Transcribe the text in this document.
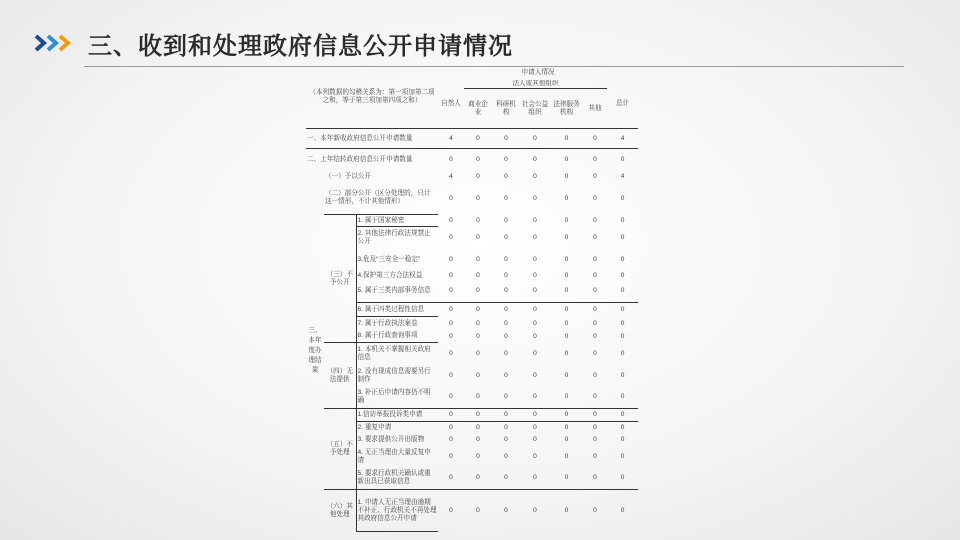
三、收到和处理政府信息公开申请情况
（本列数据的勾稽关系为：第一项加第二项之和，等于第三项加第四项之和）			申请人情况						
			自然人	法人或其他组织					总计
				商业企业	科研机构	社会公益组织	法律服务机构	其他	
一、本年新收政府信息公开申请数量			4	0	0	0	0	0	4
二、上年结转政府信息公开申请数量			0	0	0	0	0	0	0
三、本年度办理结果	（一）予以公开		4	0	0	0	0	0	4
	（二）部分公开（区分处理的，只计这一情形，不计其他情形）		0	0	0	0	0	0	0
	（三）不予公开	1. 属于国家秘密	0	0	0	0	0	0	0
		2. 其他法律行政法规禁止公开	0	0	0	0	0	0	0
		3.危及“三安全一稳定”	0	0	0	0	0	0	0
		4.保护第三方合法权益	0	0	0	0	0	0	0
		5. 属于三类内部事务信息	0	0	0	0	0	0	0
		6. 属于四类过程性信息	0	0	0	0	0	0	0
		7. 属于行政执法案卷	0	0	0	0	0	0	0
		8. 属于行政查询事项	0	0	0	0	0	0	0
	（四）无法提供	1. 本机关不掌握相关政府信息	0	0	0	0	0	0	0
		2. 没有现成信息需要另行制作	0	0	0	0	0	0	0
		3. 补正后申请内容仍不明确	0	0	0	0	0	0	0
	（五）不予处理	1.信访举报投诉类申请	0	0	0	0	0	0	0
		2. 重复申请	0	0	0	0	0	0	0
		3. 要求提供公开出版物	0	0	0	0	0	0	0
		4. 无正当理由大量反复申请	0	0	0	0	0	0	0
		5. 要求行政机关确认或重新出具已获取信息	0	0	0	0	0	0	0
	（六）其他处理	1. 申请人无正当理由逾期不补正、行政机关不再处理其政府信息公开申请	0	0	0	0	0	0	0
